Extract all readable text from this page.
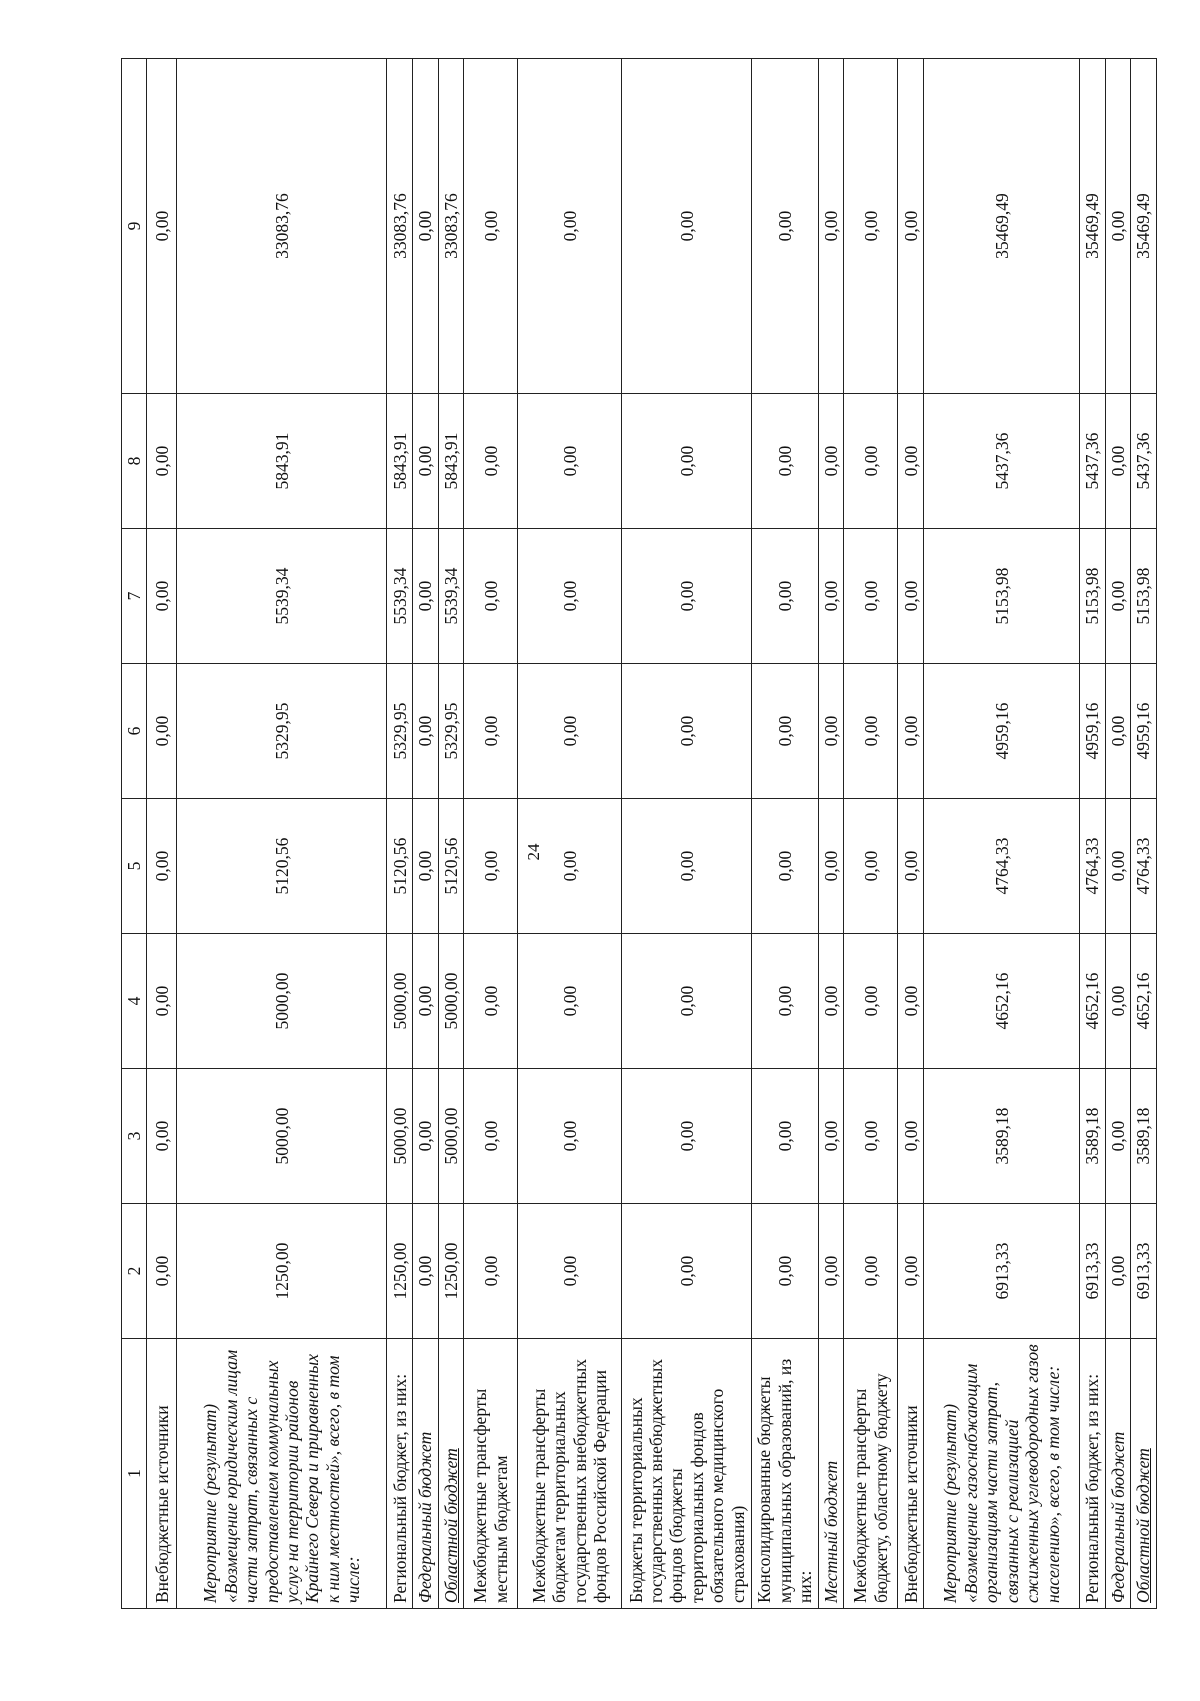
24
1	2	3	4	5	6	7	8	9
Внебюджетные источники	0,00	0,00	0,00	0,00	0,00	0,00	0,00	0,00
Мероприятие (результат) «Возмещение юридическим лицам части затрат, связанных с предоставлением коммунальных услуг на территории районов Крайнего Севера и приравненных к ним местностей», всего, в том числе:	1250,00	5000,00	5000,00	5120,56	5329,95	5539,34	5843,91	33083,76
Региональный бюджет, из них:	1250,00	5000,00	5000,00	5120,56	5329,95	5539,34	5843,91	33083,76
Федеральный бюджет	0,00	0,00	0,00	0,00	0,00	0,00	0,00	0,00
Областной бюджет	1250,00	5000,00	5000,00	5120,56	5329,95	5539,34	5843,91	33083,76
Межбюджетные трансферты местным бюджетам	0,00	0,00	0,00	0,00	0,00	0,00	0,00	0,00
Межбюджетные трансферты бюджетам территориальных государственных внебюджетных фондов Российской Федерации	0,00	0,00	0,00	0,00	0,00	0,00	0,00	0,00
Бюджеты территориальных государственных внебюджетных фондов (бюджеты территориальных фондов обязательного медицинского страхования)	0,00	0,00	0,00	0,00	0,00	0,00	0,00	0,00
Консолидированные бюджеты муниципальных образований, из них:	0,00	0,00	0,00	0,00	0,00	0,00	0,00	0,00
Местный бюджет	0,00	0,00	0,00	0,00	0,00	0,00	0,00	0,00
Межбюджетные трансферты бюджету, областному бюджету	0,00	0,00	0,00	0,00	0,00	0,00	0,00	0,00
Внебюджетные источники	0,00	0,00	0,00	0,00	0,00	0,00	0,00	0,00
Мероприятие (результат) «Возмещение газоснабжающим организациям части затрат, связанных с реализацией сжиженных углеводородных газов населению», всего, в том числе:	6913,33	3589,18	4652,16	4764,33	4959,16	5153,98	5437,36	35469,49
Региональный бюджет, из них:	6913,33	3589,18	4652,16	4764,33	4959,16	5153,98	5437,36	35469,49
Федеральный бюджет	0,00	0,00	0,00	0,00	0,00	0,00	0,00	0,00
Областной бюджет	6913,33	3589,18	4652,16	4764,33	4959,16	5153,98	5437,36	35469,49
